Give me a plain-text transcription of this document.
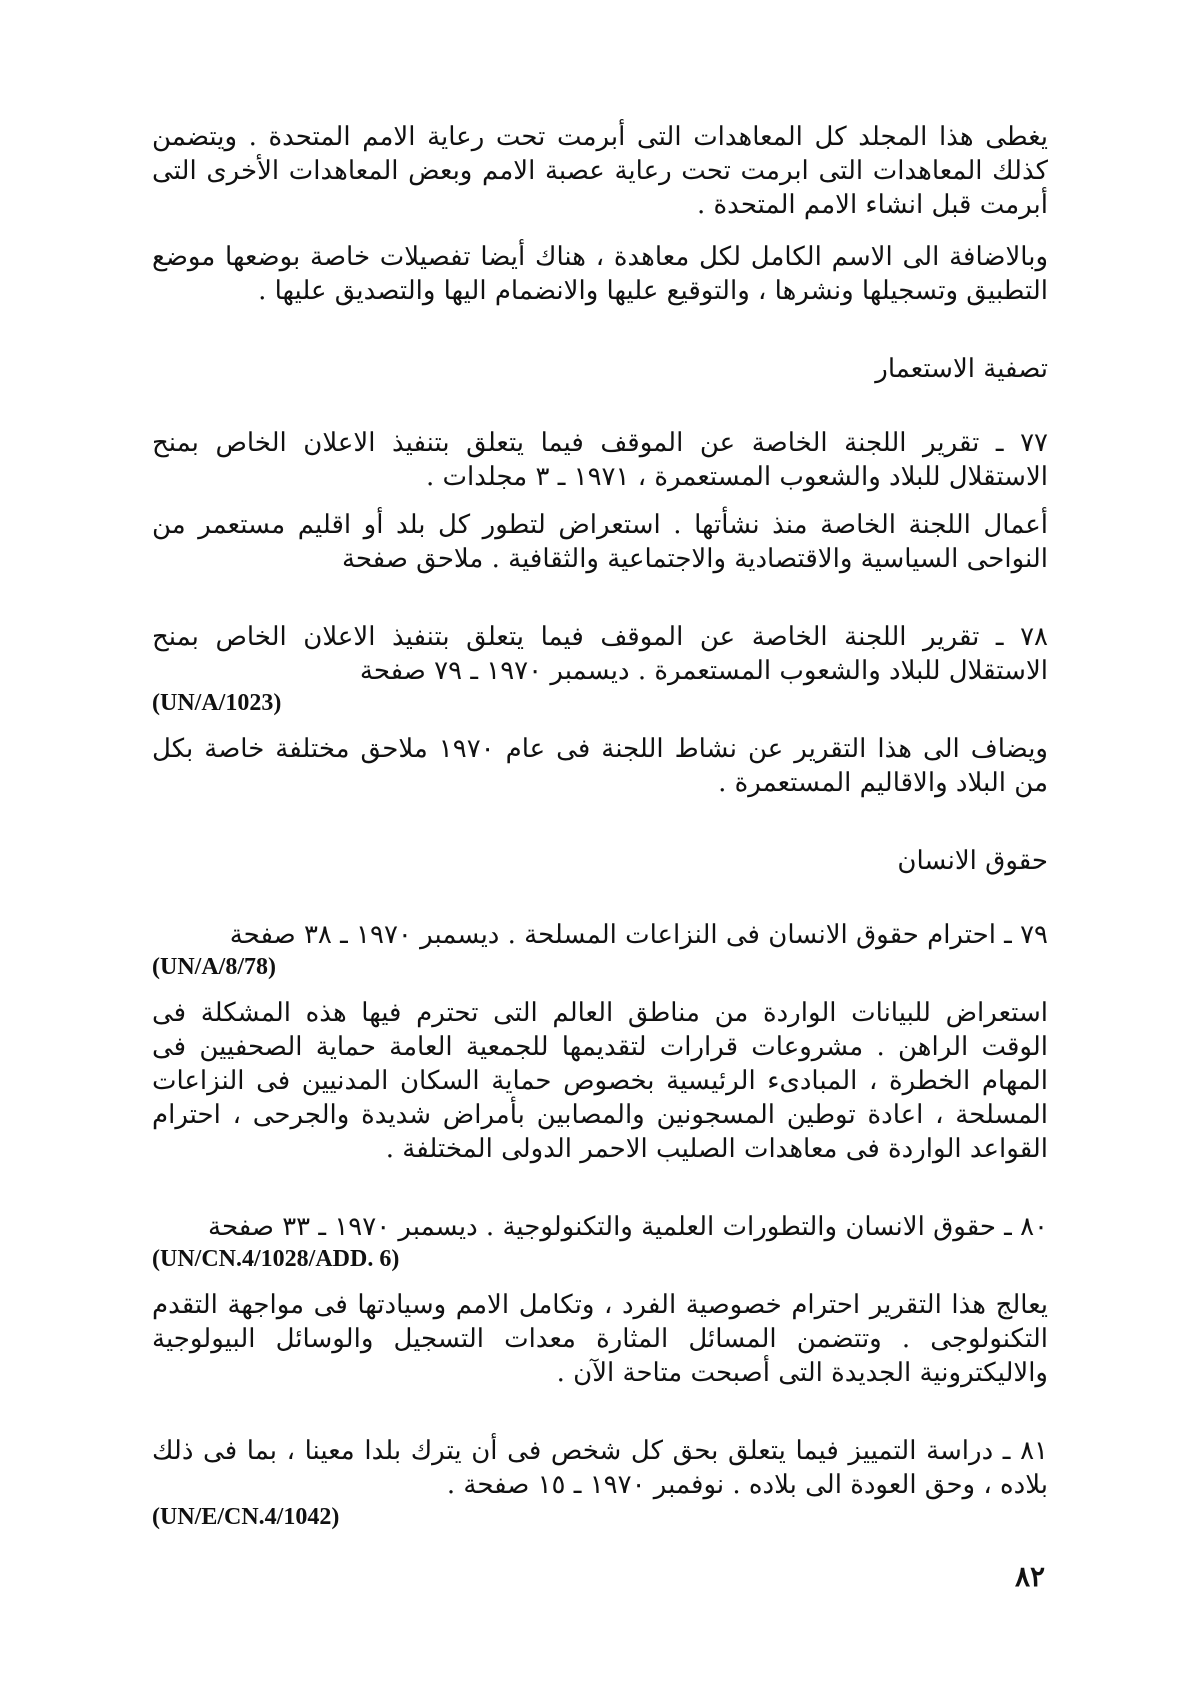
يغطى هذا المجلد كل المعاهدات التى أبرمت تحت رعاية الامم المتحدة . ويتضمن كذلك المعاهدات التى ابرمت تحت رعاية عصبة الامم وبعض المعاهدات الأخرى التى أبرمت قبل انشاء الامم المتحدة .

وبالاضافة الى الاسم الكامل لكل معاهدة ، هناك أيضا تفصيلات خاصة بوضعها موضع التطبيق وتسجيلها ونشرها ، والتوقيع عليها والانضمام اليها والتصديق عليها .

تصفية الاستعمار
٧٧ ـ تقرير اللجنة الخاصة عن الموقف فيما يتعلق بتنفيذ الاعلان الخاص بمنح الاستقلال للبلاد والشعوب المستعمرة ، ١٩٧١ ـ ٣ مجلدات .

أعمال اللجنة الخاصة منذ نشأتها . استعراض لتطور كل بلد أو اقليم مستعمر من النواحى السياسية والاقتصادية والاجتماعية والثقافية . ملاحق صفحة

٧٨ ـ تقرير اللجنة الخاصة عن الموقف فيما يتعلق بتنفيذ الاعلان الخاص بمنح الاستقلال للبلاد والشعوب المستعمرة . ديسمبر ١٩٧٠ ـ ٧٩ صفحة
(UN/A/1023)

ويضاف الى هذا التقرير عن نشاط اللجنة فى عام ١٩٧٠ ملاحق مختلفة خاصة بكل من البلاد والاقاليم المستعمرة .

حقوق الانسان
٧٩ ـ احترام حقوق الانسان فى النزاعات المسلحة . ديسمبر ١٩٧٠ ـ ٣٨ صفحة
(UN/A/8/78)

استعراض للبيانات الواردة من مناطق العالم التى تحترم فيها هذه المشكلة فى الوقت الراهن . مشروعات قرارات لتقديمها للجمعية العامة حماية الصحفيين فى المهام الخطرة ، المبادىء الرئيسية بخصوص حماية السكان المدنيين فى النزاعات المسلحة ، اعادة توطين المسجونين والمصابين بأمراض شديدة والجرحى ، احترام القواعد الواردة فى معاهدات الصليب الاحمر الدولى المختلفة .

٨٠ ـ حقوق الانسان والتطورات العلمية والتكنولوجية . ديسمبر ١٩٧٠ ـ ٣٣ صفحة
(UN/CN.4/1028/ADD. 6)

يعالج هذا التقرير احترام خصوصية الفرد ، وتكامل الامم وسيادتها فى مواجهة التقدم التكنولوجى . وتتضمن المسائل المثارة معدات التسجيل والوسائل البيولوجية والاليكترونية الجديدة التى أصبحت متاحة الآن .

٨١ ـ دراسة التمييز فيما يتعلق بحق كل شخص فى أن يترك بلدا معينا ، بما فى ذلك بلاده ، وحق العودة الى بلاده . نوفمبر ١٩٧٠ ـ ١٥ صفحة .
(UN/E/CN.4/1042)
٨٢
